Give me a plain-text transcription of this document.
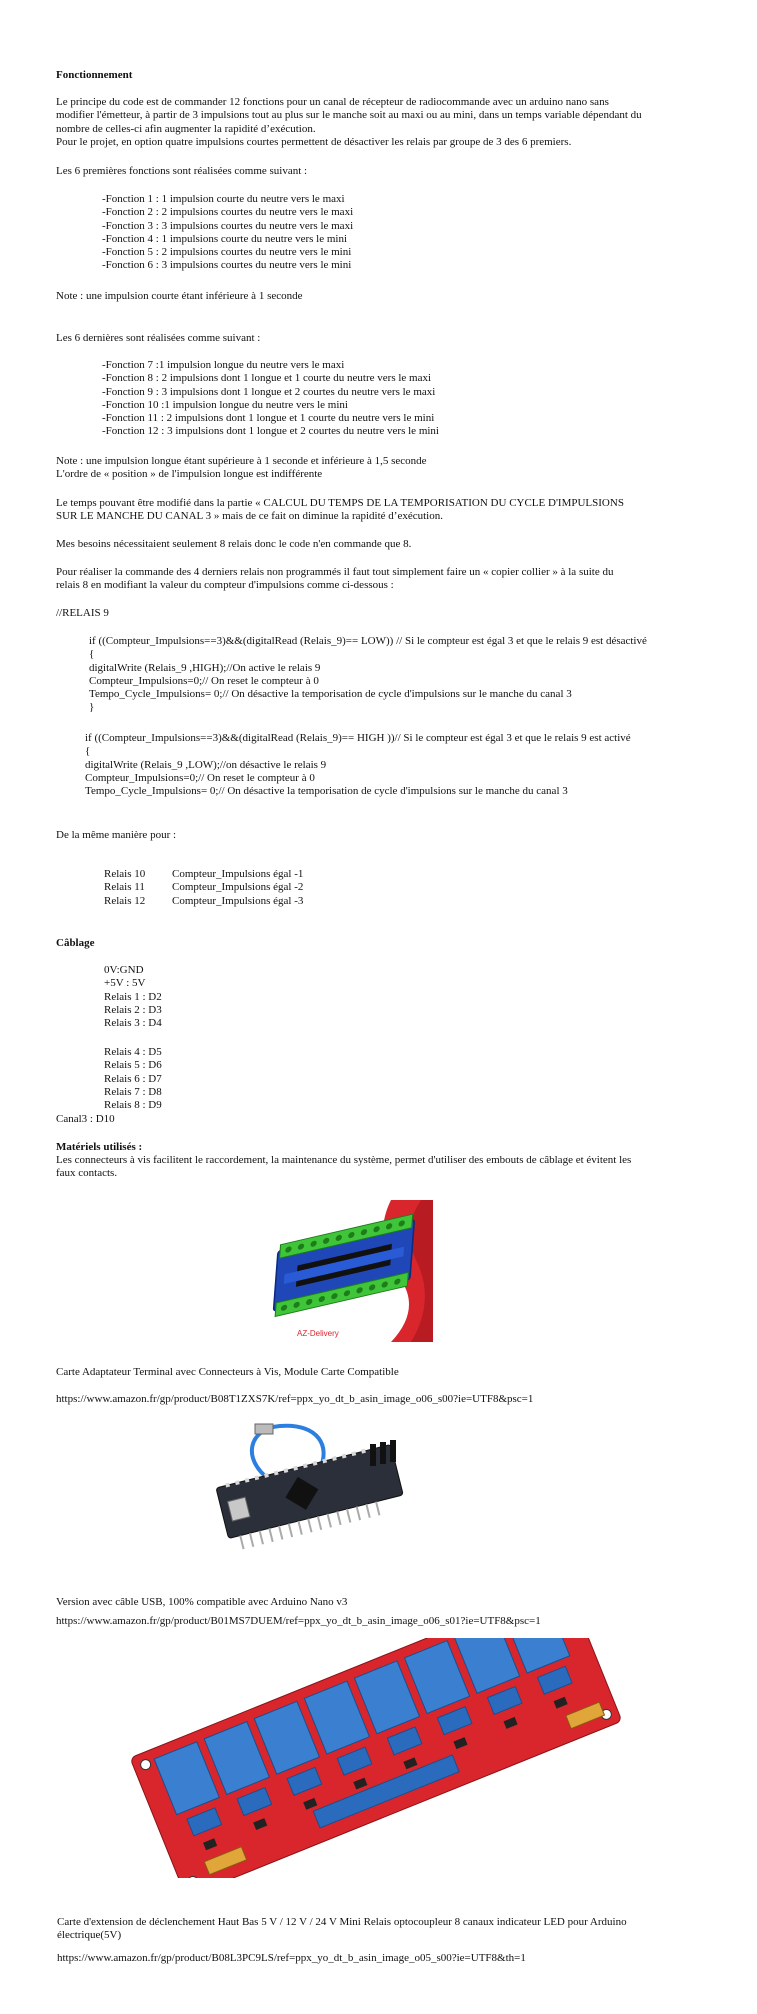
Fonctionnement
Le principe du code est de commander 12 fonctions pour un canal de récepteur de radiocommande avec un arduino nano sans
modifier l'émetteur, à partir de 3 impulsions tout au plus sur le manche soit au maxi ou au mini, dans un temps variable dépendant du
nombre de celles-ci afin augmenter la rapidité d’exécution.
Pour le projet, en option quatre impulsions courtes permettent de désactiver les relais par groupe de 3 des 6 premiers.
Les 6 premières fonctions sont réalisées comme suivant :
-Fonction 1 : 1 impulsion courte du neutre vers le maxi
-Fonction 2 : 2 impulsions courtes du neutre vers le maxi
-Fonction 3 : 3 impulsions courtes du neutre vers le maxi
-Fonction 4 : 1 impulsions courte du neutre vers le mini
-Fonction 5 : 2 impulsions courtes du neutre vers le mini
-Fonction 6 : 3 impulsions courtes du neutre vers le mini
Note : une impulsion courte étant inférieure à 1 seconde
Les 6 dernières sont réalisées comme suivant :
-Fonction 7 :1 impulsion longue du neutre vers le maxi
-Fonction 8 : 2 impulsions dont 1 longue et 1 courte du neutre vers le maxi
-Fonction 9 : 3 impulsions dont 1 longue et 2 courtes du neutre vers le maxi
-Fonction 10 :1 impulsion longue du neutre vers le mini
-Fonction 11 : 2 impulsions dont 1 longue et 1 courte du neutre vers le mini
-Fonction 12 : 3 impulsions dont 1 longue et 2 courtes du neutre vers le mini
Note : une impulsion longue étant supérieure à 1 seconde et inférieure à 1,5 seconde
L'ordre de « position » de l'impulsion longue est indifférente
Le temps pouvant être modifié dans la partie « CALCUL DU TEMPS DE LA TEMPORISATION DU CYCLE D'IMPULSIONS
SUR LE MANCHE DU CANAL 3 » mais de ce fait on diminue la rapidité d’exécution.
Mes besoins nécessitaient seulement 8 relais donc le code n'en commande que 8.
Pour réaliser la commande des 4 derniers relais non programmés il faut tout simplement faire un « copier collier » à la suite du
relais 8 en modifiant la valeur du compteur d'impulsions comme ci-dessous :
//RELAIS 9
if ((Compteur_Impulsions==3)&&(digitalRead (Relais_9)== LOW)) // Si le compteur est égal 3 et que le relais 9 est désactivé
{
digitalWrite (Relais_9 ,HIGH);//On active le relais 9
Compteur_Impulsions=0;// On reset le compteur à 0
Tempo_Cycle_Impulsions= 0;// On désactive la temporisation de cycle d'impulsions sur le manche du canal 3
}
if ((Compteur_Impulsions==3)&&(digitalRead (Relais_9)== HIGH ))// Si le compteur est égal 3 et que le relais 9 est activé
{
digitalWrite (Relais_9 ,LOW);//on désactive le relais 9
Compteur_Impulsions=0;// On reset le compteur à 0
Tempo_Cycle_Impulsions= 0;// On désactive la temporisation de cycle d'impulsions sur le manche du canal 3
De la même manière pour :
Relais 10 Compteur_Impulsions égal -1
Relais 11 Compteur_Impulsions égal -2
Relais 12 Compteur_Impulsions égal -3
Câblage
0V:GND
+5V : 5V
Relais 1 : D2
Relais 2 : D3
Relais 3 : D4
Relais 4 : D5
Relais 5 : D6
Relais 6 : D7
Relais 7 : D8
Relais 8 : D9
Canal3 : D10
Matériels utilisés :
Les connecteurs à vis facilitent le raccordement, la maintenance du système, permet d'utiliser des embouts de câblage et évitent les
faux contacts.
AZ-Delivery
Carte Adaptateur Terminal avec Connecteurs à Vis, Module Carte Compatible
https://www.amazon.fr/gp/product/B08T1ZXS7K/ref=ppx_yo_dt_b_asin_image_o06_s00?ie=UTF8&psc=1
Version avec câble USB, 100% compatible avec Arduino Nano v3
https://www.amazon.fr/gp/product/B01MS7DUEM/ref=ppx_yo_dt_b_asin_image_o06_s01?ie=UTF8&psc=1
Carte d'extension de déclenchement Haut Bas 5 V / 12 V / 24 V Mini Relais optocoupleur 8 canaux indicateur LED pour Arduino
électrique(5V)
https://www.amazon.fr/gp/product/B08L3PC9LS/ref=ppx_yo_dt_b_asin_image_o05_s00?ie=UTF8&th=1
